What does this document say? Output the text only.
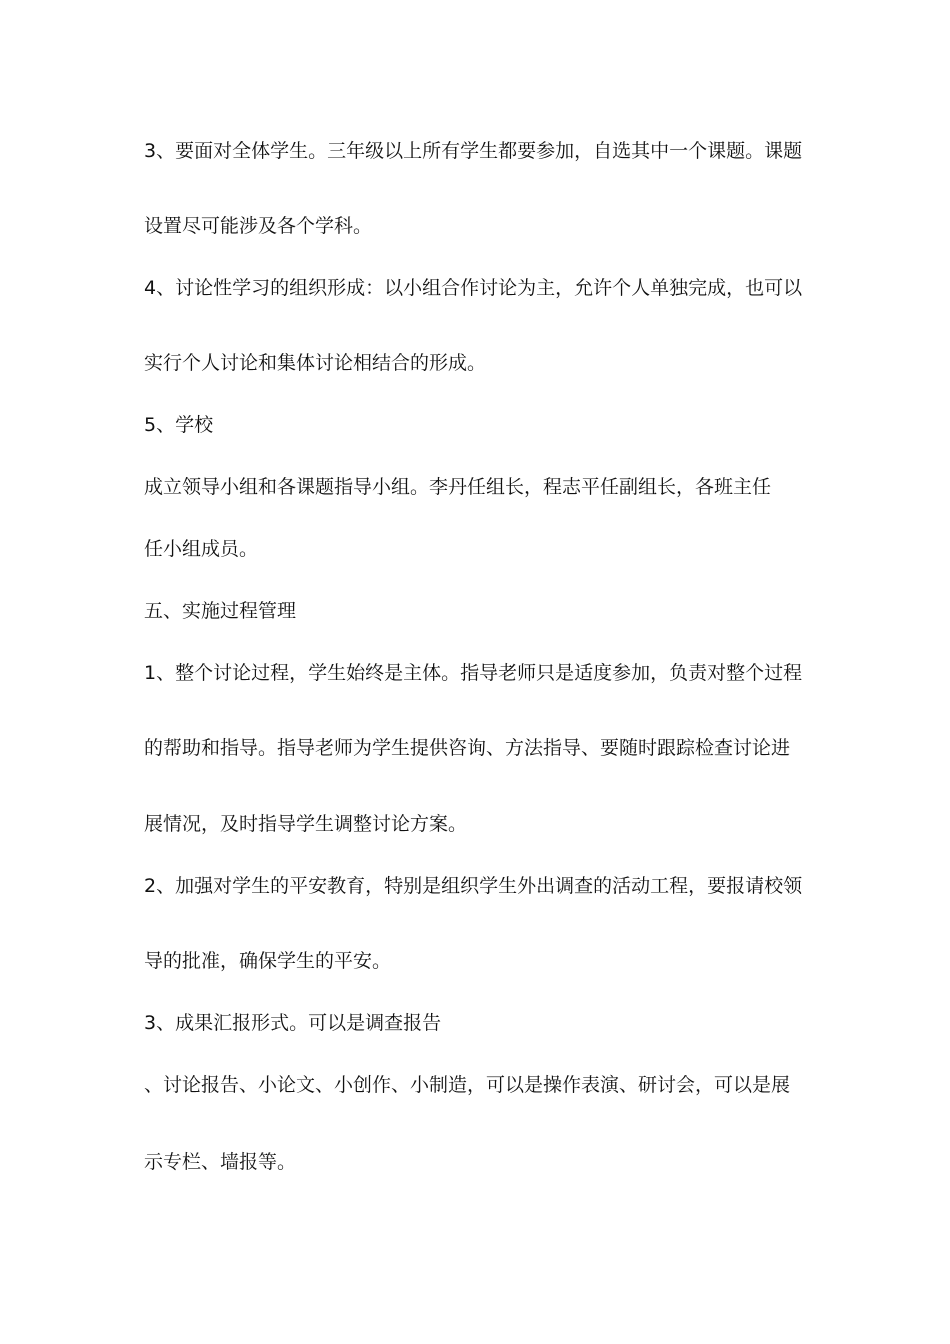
3、要面对全体学生。三年级以上所有学生都要参加，自选其中一个课题。课题
设置尽可能涉及各个学科。
4、讨论性学习的组织形成：以小组合作讨论为主，允许个人单独完成，也可以
实行个人讨论和集体讨论相结合的形成。
5、学校
成立领导小组和各课题指导小组。李丹任组长，程志平任副组长，各班主任
任小组成员。
五、实施过程管理
1、整个讨论过程，学生始终是主体。指导老师只是适度参加，负责对整个过程
的帮助和指导。指导老师为学生提供咨询、方法指导、要随时跟踪检查讨论进
展情况，及时指导学生调整讨论方案。
2、加强对学生的平安教育，特别是组织学生外出调查的活动工程，要报请校领
导的批准，确保学生的平安。
3、成果汇报形式。可以是调查报告
、讨论报告、小论文、小创作、小制造，可以是操作表演、研讨会，可以是展
示专栏、墙报等。
